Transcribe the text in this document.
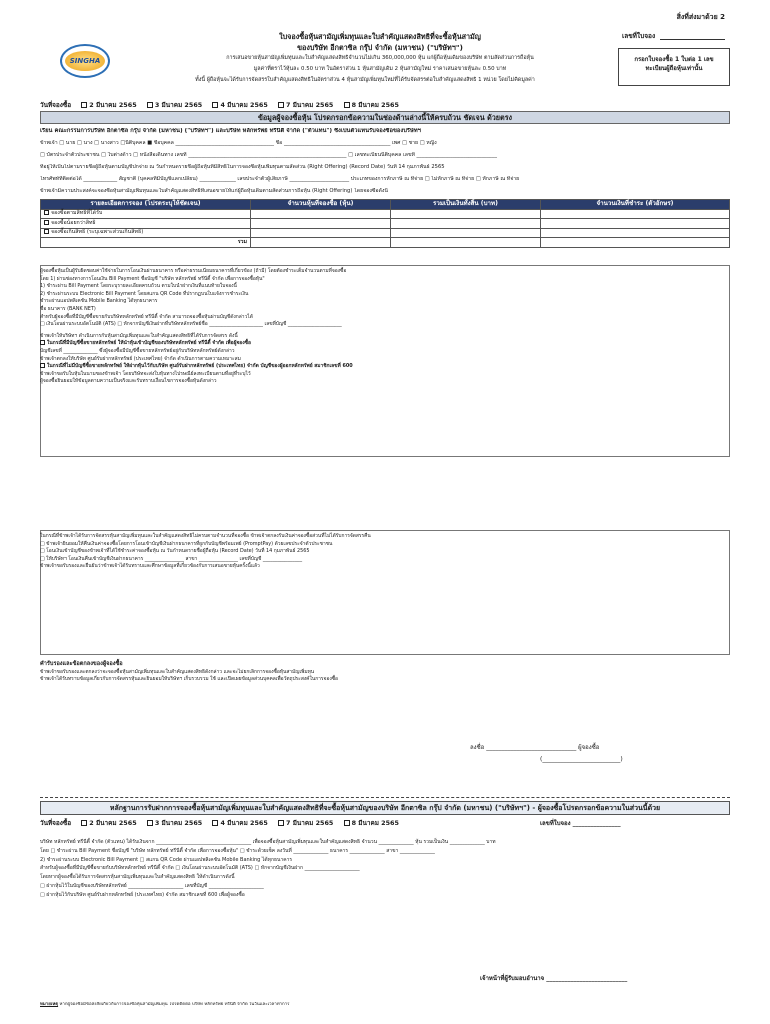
สิ่งที่ส่งมาด้วย 2
SINGHA
ใบจองซื้อหุ้นสามัญเพิ่มทุนและใบสำคัญแสดงสิทธิที่จะซื้อหุ้นสามัญ
ของบริษัท อีกตาซิล กรุ๊ป จำกัด (มหาชน) ("บริษัทฯ")
การเสนอขายหุ้นสามัญเพิ่มทุนและใบสำคัญแสดงสิทธิจำนวนไม่เกิน 360,000,000 หุ้น แก่ผู้ถือหุ้นเดิมของบริษัท ตามสัดส่วนการถือหุ้น
มูลค่าที่ตราไว้หุ้นละ 0.50 บาท ในอัตราส่วน 1 หุ้นสามัญเดิม 2 หุ้นสามัญใหม่ ราคาเสนอขายหุ้นละ 0.50 บาท
ทั้งนี้ ผู้ถือหุ้นจะได้รับการจัดสรรใบสำคัญแสดงสิทธิในอัตราส่วน 4 หุ้นสามัญเพิ่มทุนใหม่ที่ได้รับจัดสรรต่อใบสำคัญแสดงสิทธิ 1 หน่วย โดยไม่คิดมูลค่า
เลขที่ใบจอง
กรอกใบจองซื้อ 1 ใบต่อ 1 เลข
ทะเบียนผู้ถือหุ้นเท่านั้น
วันที่จองซื้อ	2 มีนาคม 2565	3 มีนาคม 2565	4 มีนาคม 2565	7 มีนาคม 2565	8 มีนาคม 2565
ข้อมูลผู้จองซื้อหุ้น โปรดกรอกข้อความในช่องด้านล่างนี้ให้ครบถ้วน ชัดเจน ด้วยตรง
เรียน คณะกรรมการบริษัท อีกตาซิล กรุ๊ป จำกัด (มหาชน) ("บริษัทฯ") และบริษัท หลักทรัพย์ ทรีนีตี้ จำกัด ("ตัวแทน") ซึ่งเป็นตัวแทนรับจองซื้อของบริษัทฯ
ข้าพเจ้า □ นาย □ นาง □ นางสาว □นิติบุคคล ■ ชื่อบุคคล ______________________________________ ชื่อ _________________________________________ เพศ □ ชาย □ หญิง
□ บัตรประจำตัวประชาชน □ ใบต่างด้าว □ หนังสือเดินทาง เลขที่ _____________________________________________________________ □ เลขทะเบียนนิติบุคคล เลขที่ _______________________________
ที่อยู่ให้เป็นไปตามรายชื่อผู้ถือหุ้นตามบัญชีปกจ่าย ณ วันกำหนดรายชื่อผู้ถือหุ้นที่มีสิทธิในการจองซื้อหุ้นเพิ่มทุนตามสัดส่วน (Right Offering) (Record Date) วันที่ 14 กุมภาพันธ์ 2565
โทรศัพท์ที่ติดต่อได้ _____________ สัญชาติ (บุคคลที่มีบัญชีแลกเปลี่ยน) ______________ เลขประจำตัวผู้เสียภาษี _______________________ ประเภทของการหักภาษี ณ ที่จ่าย □ ไม่หักภาษี ณ ที่จ่าย □ หักภาษี ณ ที่จ่าย
ข้าพเจ้ามีความประสงค์จะจองซื้อหุ้นสามัญเพิ่มทุนและใบสำคัญแสดงสิทธิที่เสนอขายให้แก่ผู้ถือหุ้นเดิมตามสัดส่วนการถือหุ้น (Right Offering) โดยจองซื้อดังนี้
รายละเอียดการจอง (โปรดระบุให้ชัดเจน)	จำนวนหุ้นที่จองซื้อ (หุ้น)	รวมเป็นเงินทั้งสิ้น (บาท)	จำนวนเงินที่ชำระ (ตัวอักษร)
จองซื้อตามสิทธิที่ได้รับ			
จองซื้อน้อยกว่าสิทธิ			
จองซื้อเกินสิทธิ (ระบุเฉพาะส่วนเกินสิทธิ)			
รวม			
ผู้จองซื้อหุ้นเป็นผู้รับผิดชอบค่าใช้จ่ายในการโอนเงินผ่านธนาคาร หรือค่าธรรมเนียมธนาคารที่เกี่ยวข้อง (ถ้ามี) โดยต้องชำระเต็มจำนวนตามที่จองซื้อ
โดย 1) ผ่านช่องทางการโอนเงิน Bill Payment ชื่อบัญชี "บริษัท หลักทรัพย์ ทรีนีตี้ จำกัด เพื่อการจองซื้อหุ้น"
1) ชำระผ่าน Bill Payment โดยระบุรายละเอียดครบถ้วน ตามใบนำฝากเงินที่แนบท้ายใบจองนี้
2) ชำระผ่านระบบ Electronic Bill Payment โดยสแกน QR Code ที่ปรากฏบนใบแจ้งการชำระเงิน
ชำระผ่านแอปพลิเคชัน Mobile Banking ได้ทุกธนาคาร
ชื่อ ธนาคาร (BANK NET)
สำหรับผู้จองซื้อที่มีบัญชีซื้อขายกับบริษัทหลักทรัพย์ ทรีนีตี้ จำกัด สามารถจองซื้อหุ้นผ่านบัญชีดังกล่าวได้
□ เงินโอนผ่านระบบอัตโนมัติ (ATS) □ หักจากบัญชีเงินฝากที่บริษัทหลักทรัพย์ชื่อ ______________________ เลขที่บัญชี ______________________
ข้าพเจ้าให้บริษัทฯ ดำเนินการกับหุ้นสามัญเพิ่มทุนและใบสำคัญแสดงสิทธิที่ได้รับการจัดสรร ดังนี้
ในกรณีที่มีบัญชีซื้อขายหลักทรัพย์ ให้นำหุ้นเข้าบัญชีของบริษัทหลักทรัพย์ ทรีนีตี้ จำกัด เพื่อผู้จองซื้อ
บัญชีเลขที่ ______________ ซึ่งผู้จองซื้อมีบัญชีซื้อขายหลักทรัพย์อยู่กับบริษัทหลักทรัพย์ดังกล่าว
ข้าพเจ้าตกลงให้บริษัท ศูนย์รับฝากหลักทรัพย์ (ประเทศไทย) จำกัด ดำเนินการตามความเหมาะสม
ในกรณีที่ไม่มีบัญชีซื้อขายหลักทรัพย์ ให้ฝากหุ้นไว้กับบริษัท ศูนย์รับฝากหลักทรัพย์ (ประเทศไทย) จำกัด บัญชีของผู้ออกหลักทรัพย์ สมาชิกเลขที่ 600
ข้าพเจ้าขอรับใบหุ้นในนามของข้าพเจ้า โดยบริษัทจะส่งใบหุ้นทางไปรษณีย์ลงทะเบียนตามที่อยู่ที่ระบุไว้
ผู้จองซื้อยินยอมให้ข้อมูลตามความเป็นจริงและรับทราบเงื่อนไขการจองซื้อหุ้นดังกล่าว
ในกรณีที่ข้าพเจ้าได้รับการจัดสรรหุ้นสามัญเพิ่มทุนและใบสำคัญแสดงสิทธิไม่ครบตามจำนวนที่จองซื้อ ข้าพเจ้าตกลงรับเงินค่าจองซื้อส่วนที่ไม่ได้รับการจัดสรรคืน
□ ข้าพเจ้ายินยอมให้คืนเงินค่าจองซื้อโดยการโอนเข้าบัญชีเงินฝากธนาคารที่ผูกกับบัญชีพร้อมเพย์ (PromptPay) ด้วยเลขประจำตัวประชาชน
□ โอนเงินเข้าบัญชีของข้าพเจ้าที่ได้ใช้ชำระค่าจองซื้อหุ้น ณ วันกำหนดรายชื่อผู้ถือหุ้น (Record Date) วันที่ 14 กุมภาพันธ์ 2565
□ ให้บริษัทฯ โอนเงินคืนเข้าบัญชีเงินฝากธนาคาร ________________ สาขา ________________ เลขที่บัญชี ________________
ข้าพเจ้าขอรับรองและยืนยันว่าข้าพเจ้าได้รับทราบและศึกษาข้อมูลที่เกี่ยวข้องกับการเสนอขายหุ้นครั้งนี้แล้ว
คำรับรองและข้อตกลงของผู้จองซื้อ
ข้าพเจ้าขอรับรองและตกลงว่าจะจองซื้อหุ้นสามัญเพิ่มทุนและใบสำคัญแสดงสิทธิดังกล่าว และจะไม่ยกเลิกการจองซื้อหุ้นสามัญเพิ่มทุน
ข้าพเจ้าได้รับทราบข้อมูลเกี่ยวกับการจัดสรรหุ้นและยินยอมให้บริษัทฯ เก็บรวบรวม ใช้ และเปิดเผยข้อมูลส่วนบุคคลเพื่อวัตถุประสงค์ในการจองซื้อ
ลงชื่อ ______________________________ ผู้จองซื้อ
(__________________________)
หลักฐานการรับฝากการจองซื้อหุ้นสามัญเพิ่มทุนและใบสำคัญแสดงสิทธิที่จะซื้อหุ้นสามัญของบริษัท อีกตาซิล กรุ๊ป จำกัด (มหาชน) ("บริษัทฯ") - ผู้จองซื้อโปรดกรอกข้อความในส่วนนี้ด้วย
วันที่จองซื้อ	2 มีนาคม 2565	3 มีนาคม 2565	4 มีนาคม 2565	7 มีนาคม 2565	8 มีนาคม 2565	เลขที่ใบจอง ________________
บริษัท หลักทรัพย์ ทรีนีตี้ จำกัด (ตัวแทน) ได้รับเงินจาก ______________________________________ เพื่อจองซื้อหุ้นสามัญเพิ่มทุนและใบสำคัญแสดงสิทธิ จำนวน ______________ หุ้น รวมเป็นเงิน ______________ บาท
โดย □ ชำระผ่าน Bill Payment ชื่อบัญชี "บริษัท หลักทรัพย์ ทรีนีตี้ จำกัด เพื่อการจองซื้อหุ้น" □ ชำระด้วยเช็ค ลงวันที่ ______________ ธนาคาร ______________ สาขา ______________
2) ชำระผ่านระบบ Electronic Bill Payment □ สแกน QR Code ผ่านแอปพลิเคชัน Mobile Banking ได้ทุกธนาคาร
สำหรับผู้จองซื้อที่มีบัญชีซื้อขายกับบริษัทหลักทรัพย์ ทรีนีตี้ จำกัด □ เงินโอนผ่านระบบอัตโนมัติ (ATS) □ หักจากบัญชีเงินฝาก ______________________
โดยหากผู้จองซื้อได้รับการจัดสรรหุ้นสามัญเพิ่มทุนและใบสำคัญแสดงสิทธิ ให้ดำเนินการดังนี้
□ ฝากหุ้นไว้ในบัญชีของบริษัทหลักทรัพย์ ______________________ เลขที่บัญชี ______________________
□ ฝากหุ้นไว้กับบริษัท ศูนย์รับฝากหลักทรัพย์ (ประเทศไทย) จำกัด สมาชิกเลขที่ 600 เพื่อผู้จองซื้อ
เจ้าหน้าที่ผู้รับมอบอำนาจ ___________________________
หมายเหตุ หากผู้จองซื้อมีข้อสงสัยเกี่ยวกับการจองซื้อหุ้นสามัญเพิ่มทุน โปรดติดต่อ บริษัท หลักทรัพย์ ทรีนีตี้ จำกัด ในวันและเวลาทำการ
